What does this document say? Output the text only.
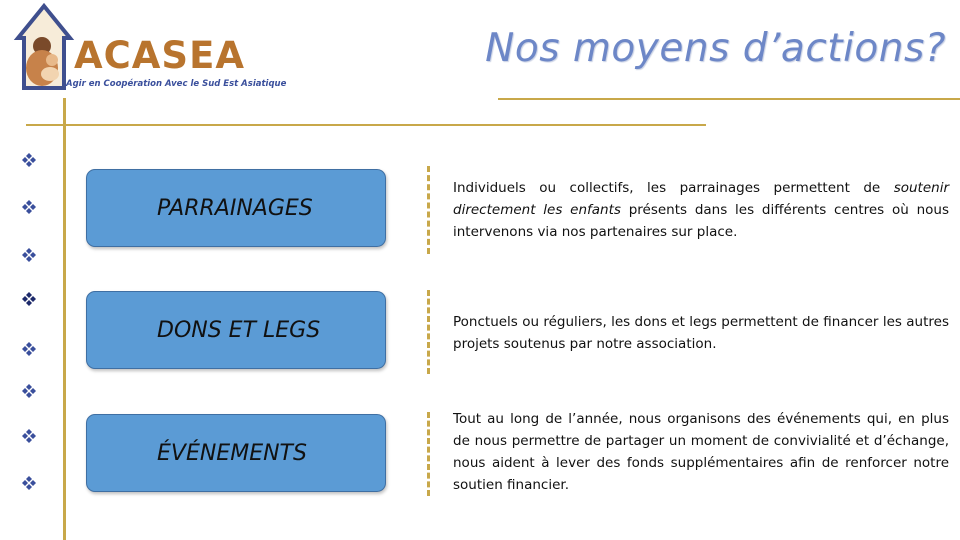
ACASEA
Agir en Coopération Avec le Sud Est Asiatique
Nos moyens d’actions?
PARRAINAGES
Individuels ou collectifs, les parrainages permettent de soutenir directement les enfants présents dans les différents centres où nous intervenons via nos partenaires sur place.
DONS ET LEGS	Ponctuels ou réguliers, les dons et legs permettent de financer les autres projets soutenus par notre association.
ÉVÉNEMENTS
Tout au long de l’année, nous organisons des événements qui, en plus de nous permettre de partager un moment de convivialité et d’échange, nous aident à lever des fonds supplémentaires afin de renforcer notre soutien financier.
